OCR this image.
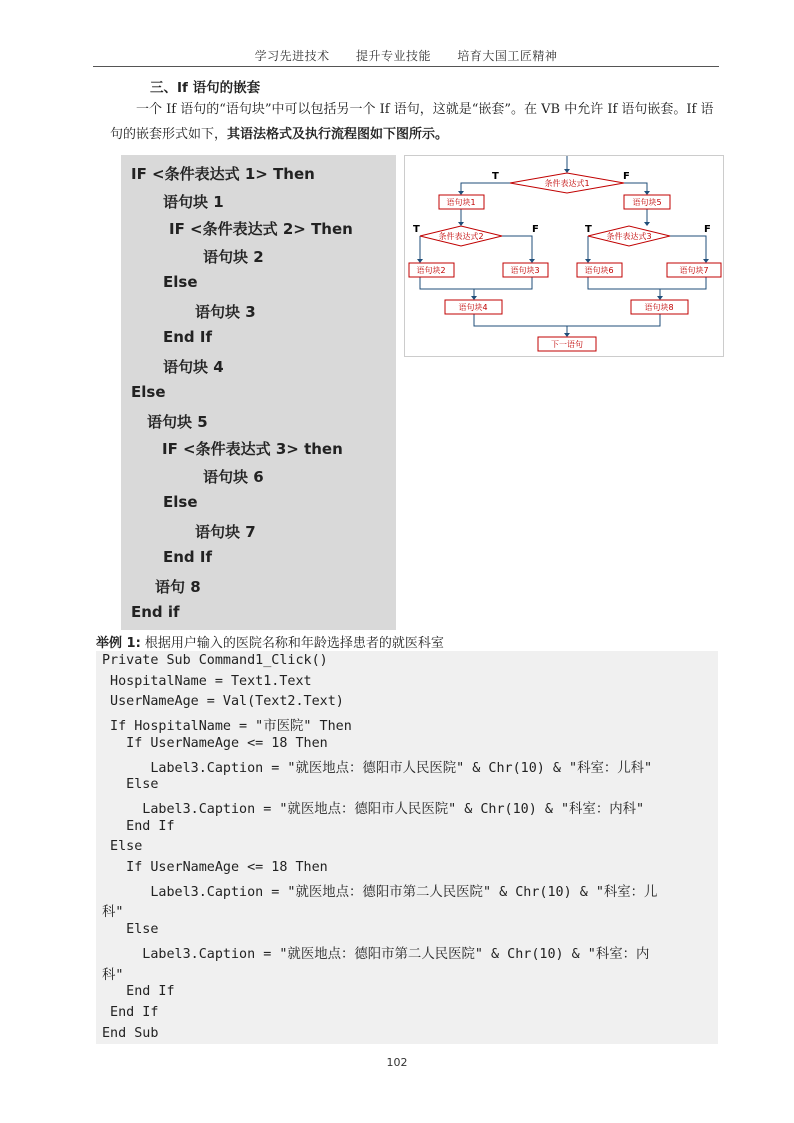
学习先进技术 提升专业技能 培育大国工匠精神
三、If 语句的嵌套

一个 If 语句的“语句块”中可以包括另一个 If 语句，这就是“嵌套”。在 VB 中允许 If 语句嵌套。If 语句的嵌套形式如下，其语法格式及执行流程图如下图所示。

IF <条件表达式 1> Then
语句块 1
IF <条件表达式 2> Then
语句块 2
Else
语句块 3
End If
语句块 4
Else
语句块 5
IF <条件表达式 3> then
语句块 6
Else
语句块 7
End If
语句 8
End if
条件表达式1
条件表达式2	条件表达式3
语句块1	语句块5
语句块2	语句块3	语句块6	语句块7
语句块4	语句块8
下一语句
T	F
T	F	T	F
举例 1: 根据用户输入的医院名称和年龄选择患者的就医科室
Private Sub Command1_Click()
HospitalName = Text1.Text
UserNameAge = Val(Text2.Text)
If HospitalName = "市医院" Then
If UserNameAge <= 18 Then
Label3.Caption = "就医地点：德阳市人民医院" & Chr(10) & "科室：儿科"
Else
Label3.Caption = "就医地点：德阳市人民医院" & Chr(10) & "科室：内科"
End If
Else
If UserNameAge <= 18 Then
Label3.Caption = "就医地点：德阳市第二人民医院" & Chr(10) & "科室：儿
科"
Else
Label3.Caption = "就医地点：德阳市第二人民医院" & Chr(10) & "科室：内
科"
End If
End If
End Sub
102
